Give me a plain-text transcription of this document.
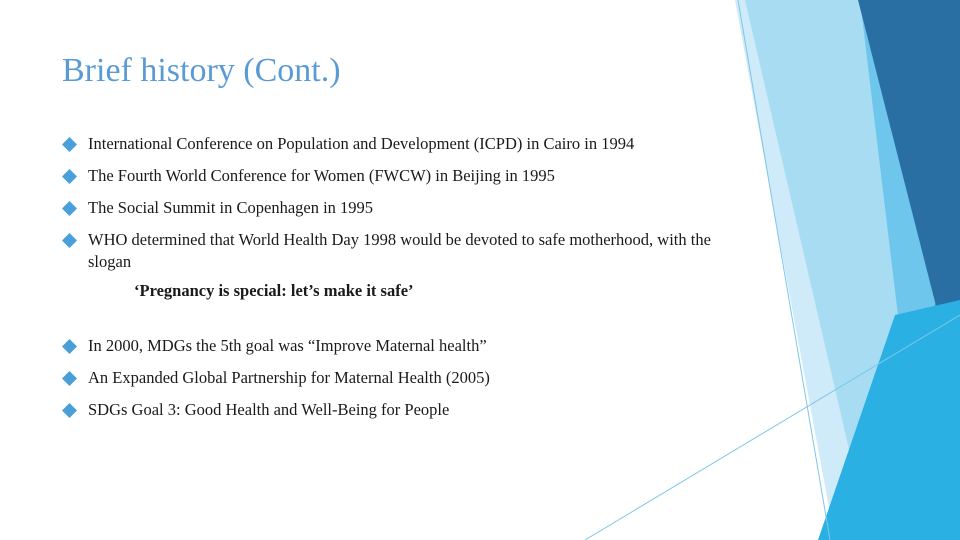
Brief history (Cont.)
International Conference on Population and Development (ICPD) in Cairo in 1994
The Fourth World Conference for Women (FWCW) in Beijing in 1995
The Social Summit in Copenhagen in 1995
WHO determined that World Health Day 1998 would be devoted to safe motherhood, with the slogan
In 2000, MDGs the 5th goal was “Improve Maternal health”
An Expanded Global Partnership for Maternal Health (2005)
SDGs Goal 3: Good Health and Well-Being for People
‘Pregnancy is special: let’s make it safe’
